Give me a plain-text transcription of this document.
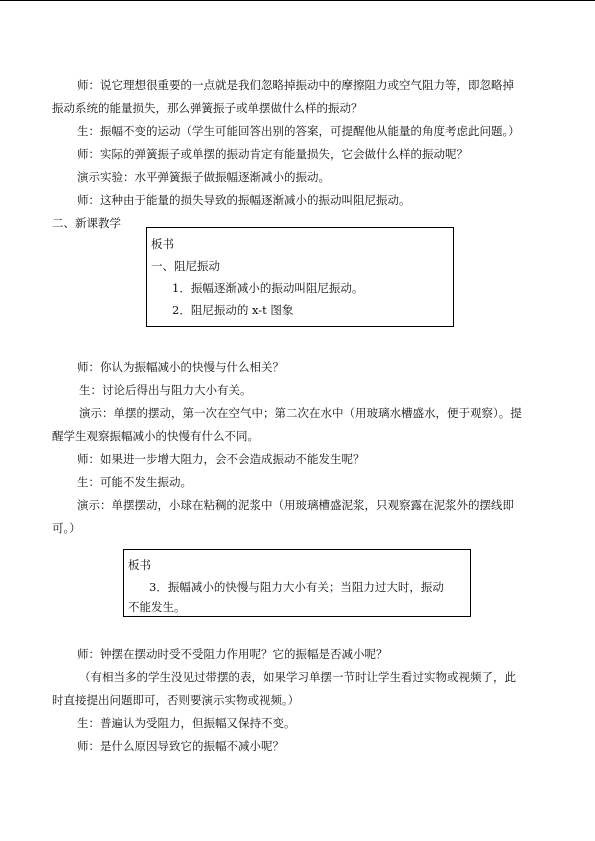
师：说它理想很重要的一点就是我们忽略掉振动中的摩擦阻力或空气阻力等，即忽略掉
振动系统的能量损失，那么弹簧振子或单摆做什么样的振动？
生：振幅不变的运动（学生可能回答出别的答案，可提醒他从能量的角度考虑此问题。）
师：实际的弹簧振子或单摆的振动肯定有能量损失，它会做什么样的振动呢？
演示实验：水平弹簧振子做振幅逐渐减小的振动。
师：这种由于能量的损失导致的振幅逐渐减小的振动叫阻尼振动。
二、新课教学
板书
一、阻尼振动
1．振幅逐渐减小的振动叫阻尼振动。
2．阻尼振动的 x-t 图象
师：你认为振幅减小的快慢与什么相关？
生：讨论后得出与阻力大小有关。
演示：单摆的摆动，第一次在空气中；第二次在水中（用玻璃水槽盛水，便于观察）。提
醒学生观察振幅减小的快慢有什么不同。
师：如果进一步增大阻力，会不会造成振动不能发生呢？
生：可能不发生振动。
演示：单摆摆动，小球在粘稠的泥浆中（用玻璃槽盛泥浆，只观察露在泥浆外的摆线即
可。）
板书
3．振幅减小的快慢与阻力大小有关；当阻力过大时，振动
不能发生。
师：钟摆在摆动时受不受阻力作用呢？它的振幅是否减小呢？
（有相当多的学生没见过带摆的表，如果学习单摆一节时让学生看过实物或视频了，此
时直接提出问题即可，否则要演示实物或视频。）
生：普遍认为受阻力，但振幅又保持不变。
师：是什么原因导致它的振幅不减小呢？
